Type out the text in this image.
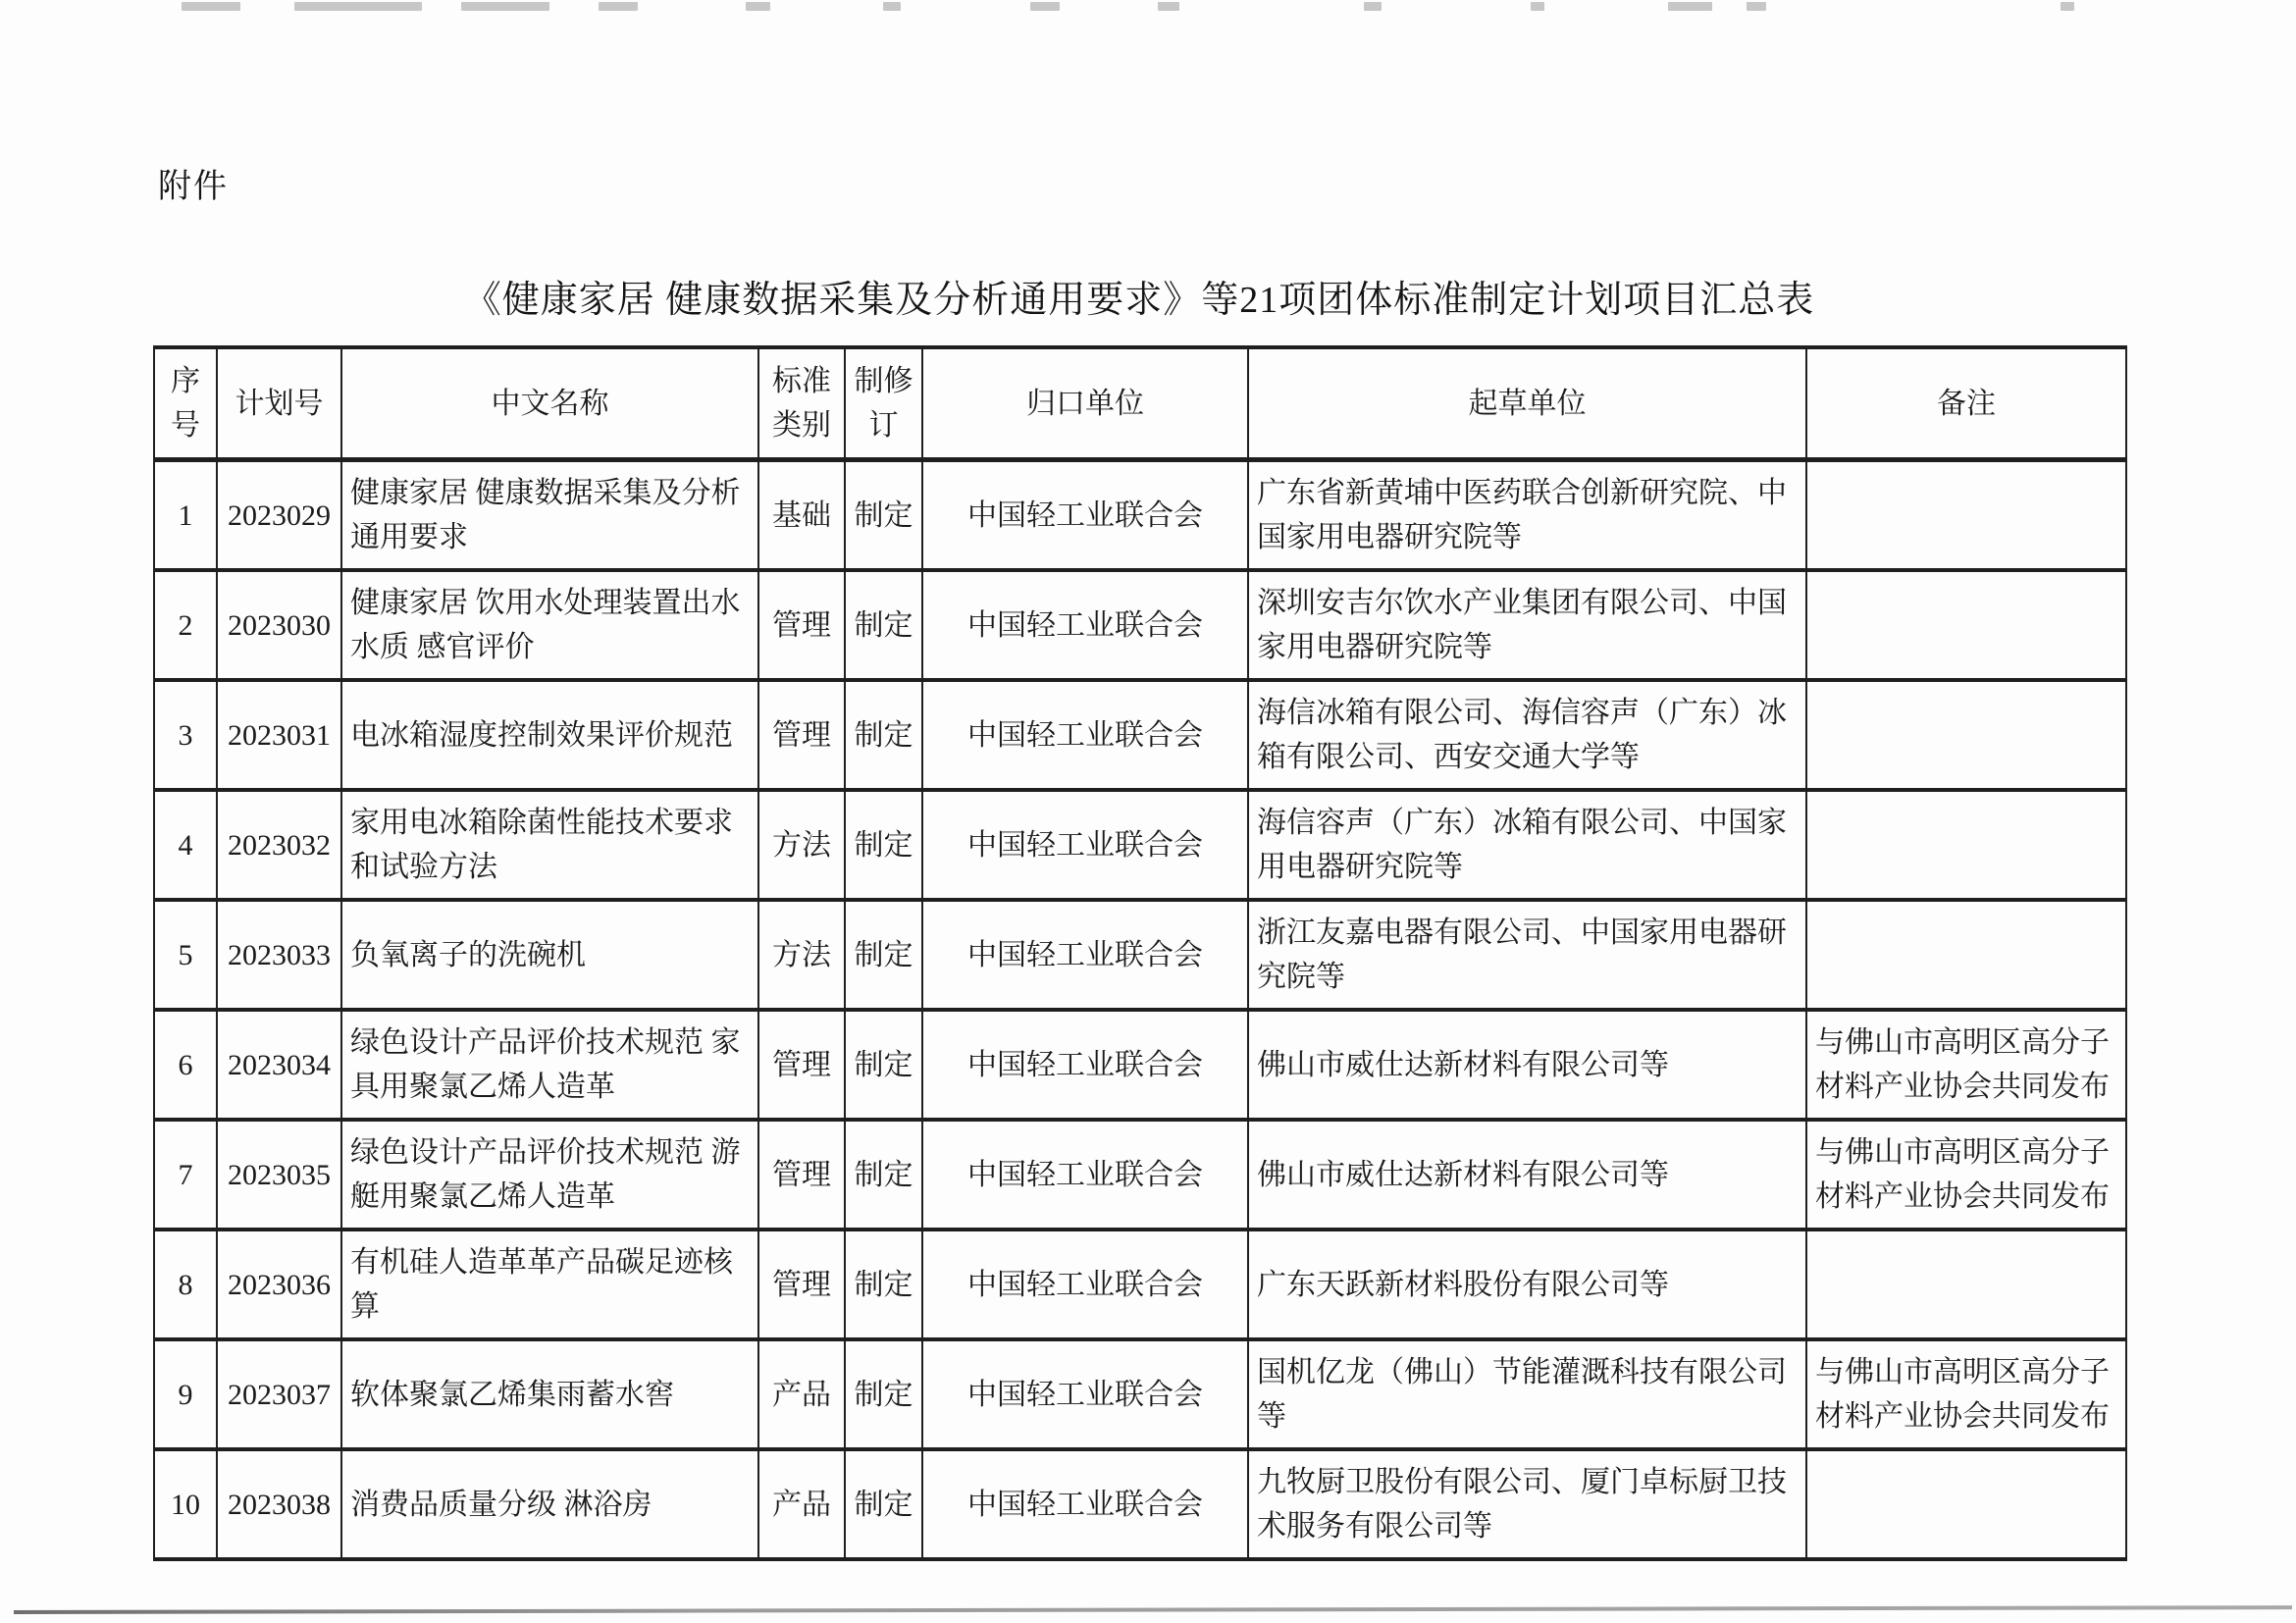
附件
《健康家居 健康数据采集及分析通用要求》等21项团体标准制定计划项目汇总表
序号	计划号	中文名称	标准类别	制修订	归口单位	起草单位	备注
1	2023029	健康家居 健康数据采集及分析通用要求	基础	制定	中国轻工业联合会	广东省新黄埔中医药联合创新研究院、中国家用电器研究院等	
2	2023030	健康家居 饮用水处理装置出水水质 感官评价	管理	制定	中国轻工业联合会	深圳安吉尔饮水产业集团有限公司、中国家用电器研究院等	
3	2023031	电冰箱湿度控制效果评价规范	管理	制定	中国轻工业联合会	海信冰箱有限公司、海信容声（广东）冰箱有限公司、西安交通大学等	
4	2023032	家用电冰箱除菌性能技术要求和试验方法	方法	制定	中国轻工业联合会	海信容声（广东）冰箱有限公司、中国家用电器研究院等	
5	2023033	负氧离子的洗碗机	方法	制定	中国轻工业联合会	浙江友嘉电器有限公司、中国家用电器研究院等	
6	2023034	绿色设计产品评价技术规范 家具用聚氯乙烯人造革	管理	制定	中国轻工业联合会	佛山市威仕达新材料有限公司等	与佛山市高明区高分子材料产业协会共同发布
7	2023035	绿色设计产品评价技术规范 游艇用聚氯乙烯人造革	管理	制定	中国轻工业联合会	佛山市威仕达新材料有限公司等	与佛山市高明区高分子材料产业协会共同发布
8	2023036	有机硅人造革革产品碳足迹核算	管理	制定	中国轻工业联合会	广东天跃新材料股份有限公司等	
9	2023037	软体聚氯乙烯集雨蓄水窖	产品	制定	中国轻工业联合会	国机亿龙（佛山）节能灌溉科技有限公司等	与佛山市高明区高分子材料产业协会共同发布
10	2023038	消费品质量分级 淋浴房	产品	制定	中国轻工业联合会	九牧厨卫股份有限公司、厦门卓标厨卫技术服务有限公司等	
